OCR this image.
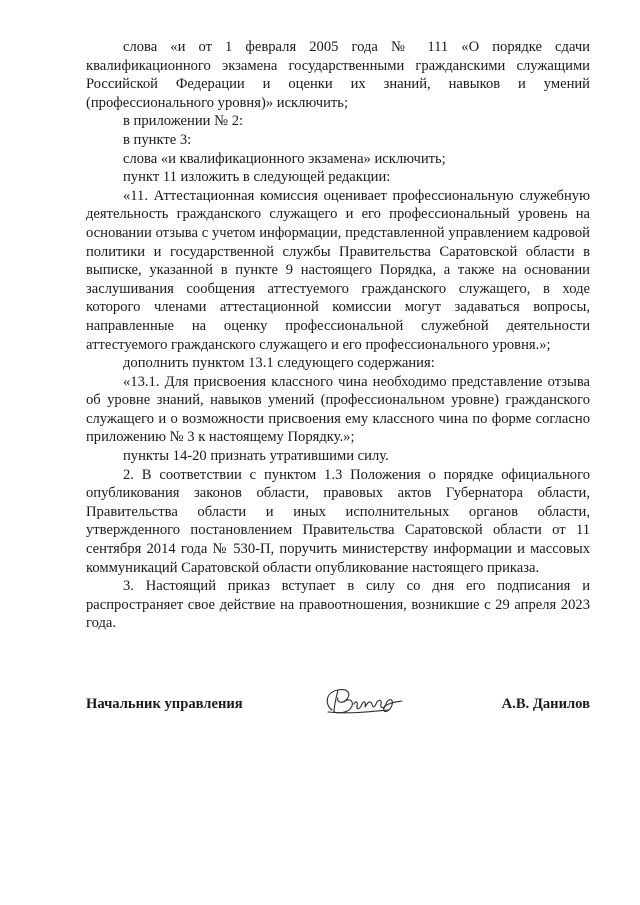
слова «и от 1 февраля 2005 года № 111 «О порядке сдачи квалификационного экзамена государственными гражданскими служащими Российской Федерации и оценки их знаний, навыков и умений (профессионального уровня)» исключить;

в приложении № 2:

в пункте 3:

слова «и квалификационного экзамена» исключить;

пункт 11 изложить в следующей редакции:

«11. Аттестационная комиссия оценивает профессиональную служебную деятельность гражданского служащего и его профессиональный уровень на основании отзыва с учетом информации, представленной управлением кадровой политики и государственной службы Правительства Саратовской области в выписке, указанной в пункте 9 настоящего Порядка, а также на основании заслушивания сообщения аттестуемого гражданского служащего, в ходе которого членами аттестационной комиссии могут задаваться вопросы, направленные на оценку профессиональной служебной деятельности аттестуемого гражданского служащего и его профессионального уровня.»;

дополнить пунктом 13.1 следующего содержания:

«13.1. Для присвоения классного чина необходимо представление отзыва об уровне знаний, навыков умений (профессиональном уровне) гражданского служащего и о возможности присвоения ему классного чина по форме согласно приложению № 3 к настоящему Порядку.»;

пункты 14-20 признать утратившими силу.

2. В соответствии с пунктом 1.3 Положения о порядке официального опубликования законов области, правовых актов Губернатора области, Правительства области и иных исполнительных органов области, утвержденного постановлением Правительства Саратовской области от 11 сентября 2014 года № 530-П, поручить министерству информации и массовых коммуникаций Саратовской области опубликование настоящего приказа.

3. Настоящий приказ вступает в силу со дня его подписания и распространяет свое действие на правоотношения, возникшие с 29 апреля 2023 года.

Начальник управления	А.В. Данилов
